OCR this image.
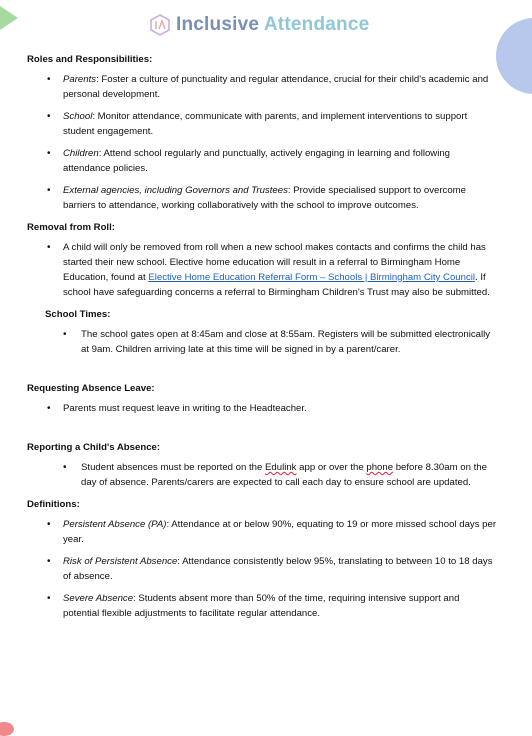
Inclusive Attendance

Roles and Responsibilities:

• Parents: Foster a culture of punctuality and regular attendance, crucial for their child's academic and personal development.
• School: Monitor attendance, communicate with parents, and implement interventions to support student engagement.
• Children: Attend school regularly and punctually, actively engaging in learning and following attendance policies.
• External agencies, including Governors and Trustees: Provide specialised support to overcome barriers to attendance, working collaboratively with the school to improve outcomes.

Removal from Roll:

• A child will only be removed from roll when a new school makes contacts and confirms the child has started their new school. Elective home education will result in a referral to Birmingham Home Education, found at Elective Home Education Referral Form – Schools | Birmingham City Council. If school have safeguarding concerns a referral to Birmingham Children's Trust may also be submitted.

School Times:

• The school gates open at 8:45am and close at 8:55am. Registers will be submitted electronically at 9am. Children arriving late at this time will be signed in by a parent/carer.

Requesting Absence Leave:

• Parents must request leave in writing to the Headteacher.

Reporting a Child's Absence:

• Student absences must be reported on the Edulink app or over the phone before 8.30am on the day of absence. Parents/carers are expected to call each day to ensure school are updated.

Definitions:

• Persistent Absence (PA): Attendance at or below 90%, equating to 19 or more missed school days per year.
• Risk of Persistent Absence: Attendance consistently below 95%, translating to between 10 to 18 days of absence.
• Severe Absence: Students absent more than 50% of the time, requiring intensive support and potential flexible adjustments to facilitate regular attendance.
